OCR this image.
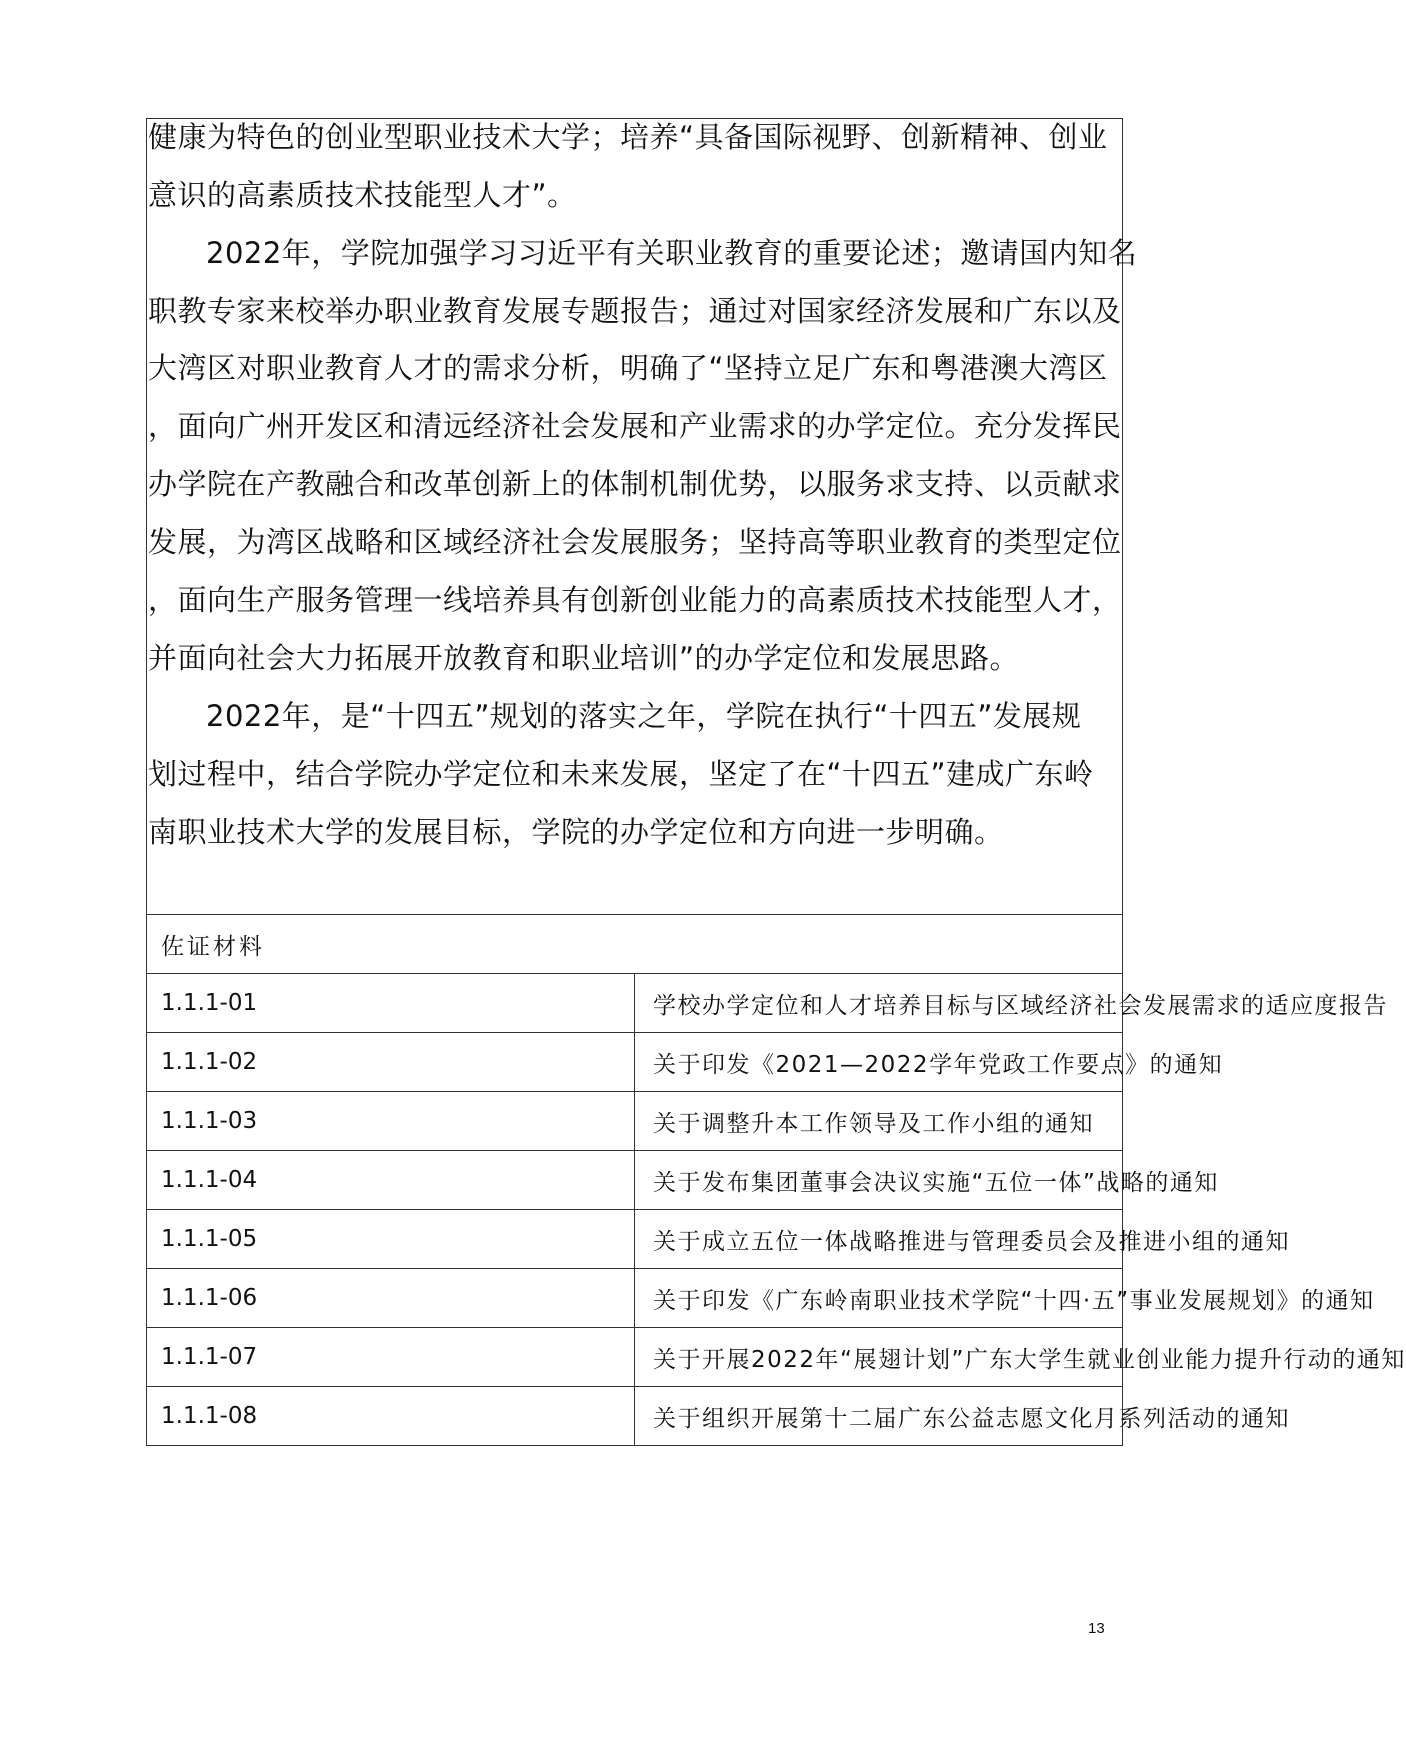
健康为特色的创业型职业技术大学；培养“具备国际视野、创新精神、创业
意识的高素质技术技能型人才”。
2022年，学院加强学习习近平有关职业教育的重要论述；邀请国内知名
职教专家来校举办职业教育发展专题报告；通过对国家经济发展和广东以及
大湾区对职业教育人才的需求分析，明确了“坚持立足广东和粤港澳大湾区
，面向广州开发区和清远经济社会发展和产业需求的办学定位。充分发挥民
办学院在产教融合和改革创新上的体制机制优势，以服务求支持、以贡献求
发展，为湾区战略和区域经济社会发展服务；坚持高等职业教育的类型定位
，面向生产服务管理一线培养具有创新创业能力的高素质技术技能型人才，
并面向社会大力拓展开放教育和职业培训”的办学定位和发展思路。
2022年，是“十四五”规划的落实之年，学院在执行“十四五”发展规
划过程中，结合学院办学定位和未来发展，坚定了在“十四五”建成广东岭
南职业技术大学的发展目标，学院的办学定位和方向进一步明确。
佐证材料	
1.1.1-01	学校办学定位和人才培养目标与区域经济社会发展需求的适应度报告
1.1.1-02	关于印发《2021—2022学年党政工作要点》的通知
1.1.1-03	关于调整升本工作领导及工作小组的通知
1.1.1-04	关于发布集团董事会决议实施“五位一体”战略的通知
1.1.1-05	关于成立五位一体战略推进与管理委员会及推进小组的通知
1.1.1-06	关于印发《广东岭南职业技术学院“十四·五”事业发展规划》的通知
1.1.1-07	关于开展2022年“展翅计划”广东大学生就业创业能力提升行动的通知
1.1.1-08	关于组织开展第十二届广东公益志愿文化月系列活动的通知
13
